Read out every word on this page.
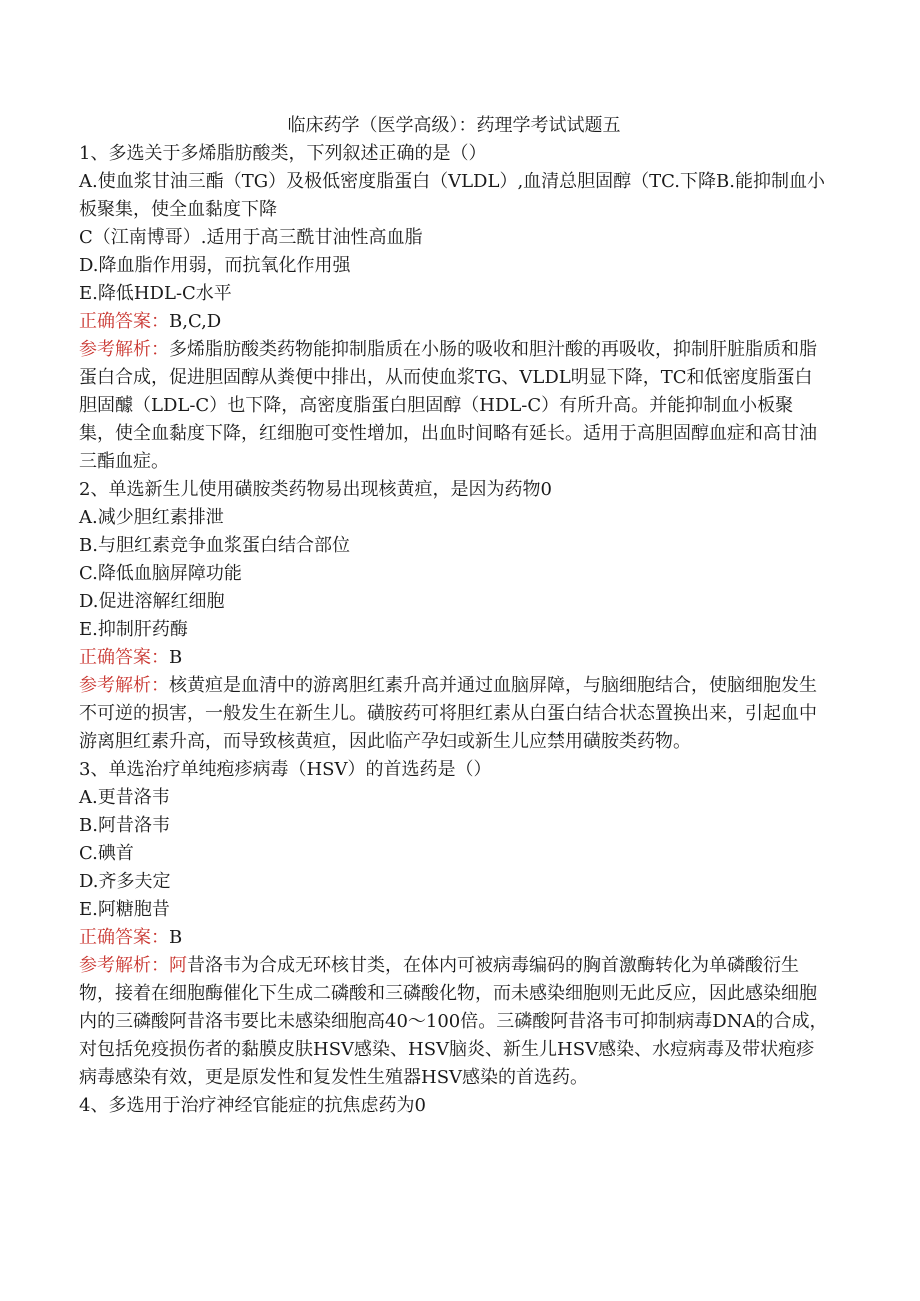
临床药学（医学高级）：药理学考试试题五

1、多选关于多烯脂肪酸类，下列叙述正确的是（）

A.使血浆甘油三酯（TG）及极低密度脂蛋白（VLDL）,血清总胆固醇（TC.下降B.能抑制血小板聚集，使全血黏度下降

C（江南博哥）.适用于高三酰甘油性高血脂

D.降血脂作用弱，而抗氧化作用强

E.降低HDL-C水平

正确答案：B,C,D

参考解析：多烯脂肪酸类药物能抑制脂质在小肠的吸收和胆汁酸的再吸收，抑制肝脏脂质和脂蛋白合成，促进胆固醇从粪便中排出，从而使血浆TG、VLDL明显下降，TC和低密度脂蛋白胆固醵（LDL-C）也下降，高密度脂蛋白胆固醇（HDL-C）有所升高。并能抑制血小板聚集，使全血黏度下降，红细胞可变性增加，出血时间略有延长。适用于高胆固醇血症和高甘油三酯血症。

2、单选新生儿使用磺胺类药物易出现核黄疸，是因为药物0

A.减少胆红素排泄

B.与胆红素竞争血浆蛋白结合部位

C.降低血脑屏障功能

D.促进溶解红细胞

E.抑制肝药酶

正确答案：B

参考解析：核黄疸是血清中的游离胆红素升高并通过血脑屏障，与脑细胞结合，使脑细胞发生不可逆的损害，一般发生在新生儿。磺胺药可将胆红素从白蛋白结合状态置换出来，引起血中游离胆红素升高，而导致核黄疸，因此临产孕妇或新生儿应禁用磺胺类药物。

3、单选治疗单纯疱疹病毒（HSV）的首选药是（）

A.更昔洛韦

B.阿昔洛韦

C.碘首

D.齐多夫定

E.阿糖胞昔

正确答案：B

参考解析：阿昔洛韦为合成无环核甘类，在体内可被病毒编码的胸首激酶转化为单磷酸衍生物，接着在细胞酶催化下生成二磷酸和三磷酸化物，而未感染细胞则无此反应，因此感染细胞内的三磷酸阿昔洛韦要比未感染细胞高40～100倍。三磷酸阿昔洛韦可抑制病毒DNA的合成，对包括免疫损伤者的黏膜皮肤HSV感染、HSV脑炎、新生儿HSV感染、水痘病毒及带状疱疹病毒感染有效，更是原发性和复发性生殖器HSV感染的首选药。

4、多选用于治疗神经官能症的抗焦虑药为0
